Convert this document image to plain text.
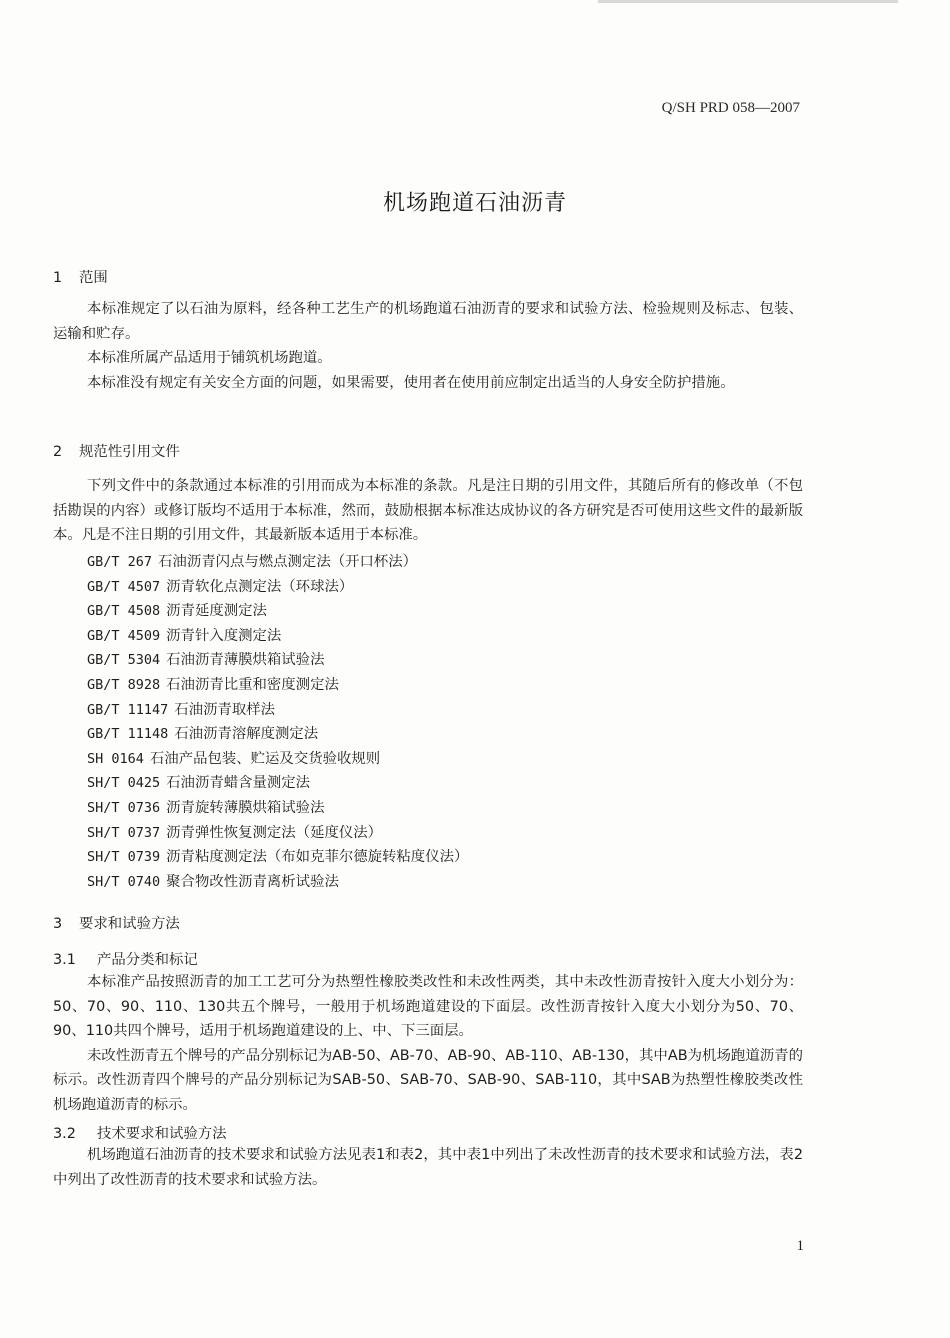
Q/SH PRD 058—2007
机场跑道石油沥青
1 范围

本标准规定了以石油为原料，经各种工艺生产的机场跑道石油沥青的要求和试验方法、检验规则及标志、包装、运输和贮存。

本标准所属产品适用于铺筑机场跑道。

本标准没有规定有关安全方面的问题，如果需要，使用者在使用前应制定出适当的人身安全防护措施。

2 规范性引用文件

下列文件中的条款通过本标准的引用而成为本标准的条款。凡是注日期的引用文件，其随后所有的修改单（不包括勘误的内容）或修订版均不适用于本标准，然而，鼓励根据本标准达成协议的各方研究是否可使用这些文件的最新版本。凡是不注日期的引用文件，其最新版本适用于本标准。

GB/T 267 石油沥青闪点与燃点测定法（开口杯法）
GB/T 4507 沥青软化点测定法（环球法）
GB/T 4508 沥青延度测定法
GB/T 4509 沥青针入度测定法
GB/T 5304 石油沥青薄膜烘箱试验法
GB/T 8928 石油沥青比重和密度测定法
GB/T 11147 石油沥青取样法
GB/T 11148 石油沥青溶解度测定法
SH 0164 石油产品包装、贮运及交货验收规则
SH/T 0425 石油沥青蜡含量测定法
SH/T 0736 沥青旋转薄膜烘箱试验法
SH/T 0737 沥青弹性恢复测定法（延度仪法）
SH/T 0739 沥青粘度测定法（布如克菲尔德旋转粘度仪法）
SH/T 0740 聚合物改性沥青离析试验法
3 要求和试验方法
3.1 产品分类和标记

本标准产品按照沥青的加工工艺可分为热塑性橡胶类改性和未改性两类，其中未改性沥青按针入度大小划分为：50、70、90、110、130共五个牌号，一般用于机场跑道建设的下面层。改性沥青按针入度大小划分为50、70、90、110共四个牌号，适用于机场跑道建设的上、中、下三面层。

未改性沥青五个牌号的产品分别标记为AB-50、AB-70、AB-90、AB-110、AB-130，其中AB为机场跑道沥青的标示。改性沥青四个牌号的产品分别标记为SAB-50、SAB-70、SAB-90、SAB-110，其中SAB为热塑性橡胶类改性机场跑道沥青的标示。

3.2 技术要求和试验方法

机场跑道石油沥青的技术要求和试验方法见表1和表2，其中表1中列出了未改性沥青的技术要求和试验方法，表2中列出了改性沥青的技术要求和试验方法。

1
